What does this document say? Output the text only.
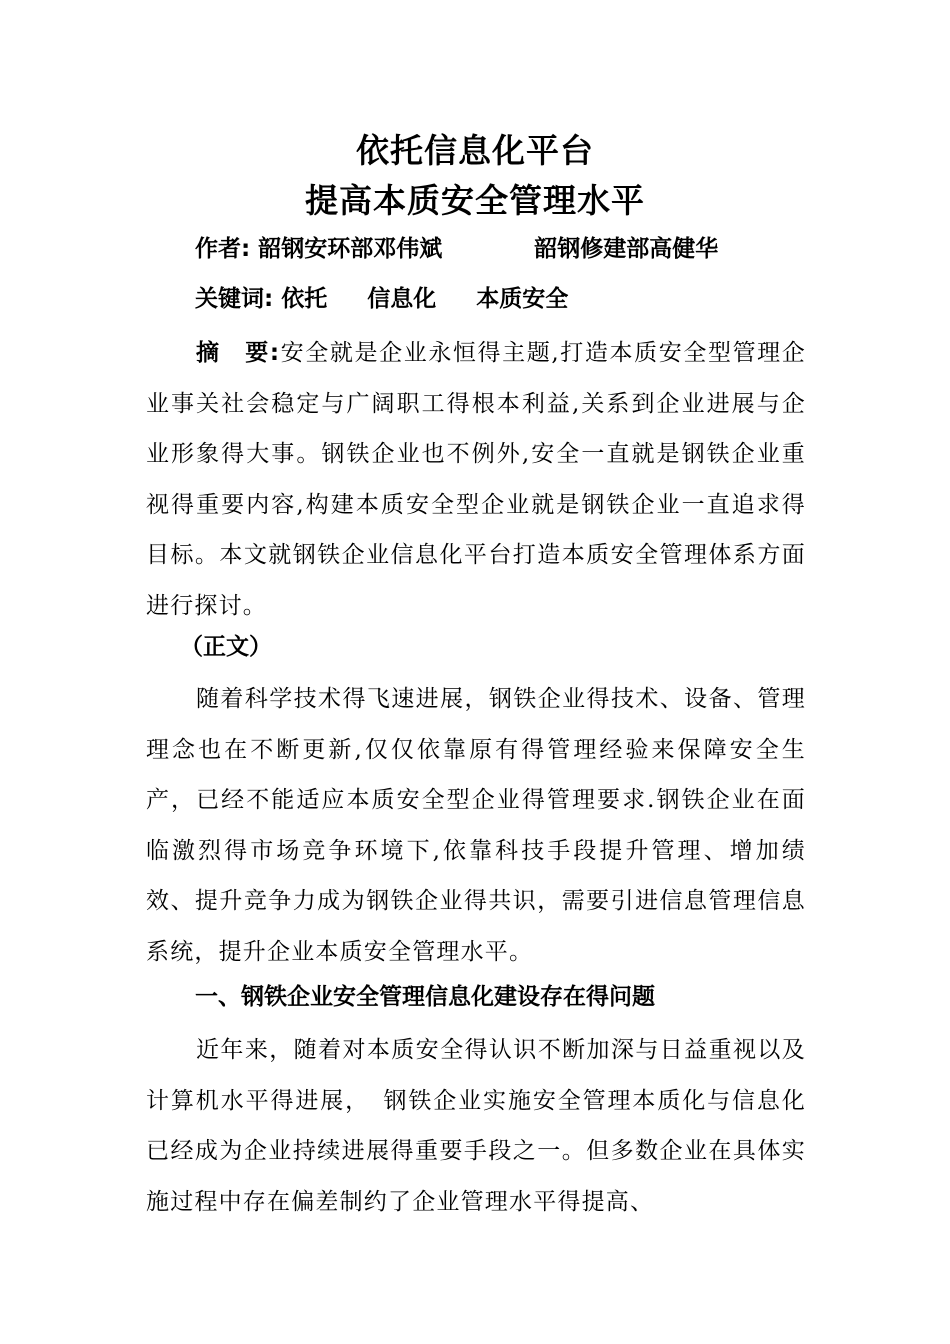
依托信息化平台
提高本质安全管理水平
作者: 韶钢安环部邓伟斌	韶钢修建部高健华
关键词: 依托 信息化 本质安全
摘　要:安全就是企业永恒得主题,打造本质安全型管理企业事关社会稳定与广阔职工得根本利益,关系到企业进展与企业形象得大事。钢铁企业也不例外,安全一直就是钢铁企业重视得重要内容,构建本质安全型企业就是钢铁企业一直追求得目标。本文就钢铁企业信息化平台打造本质安全管理体系方面进行探讨。
（正文）
随着科学技术得飞速进展，钢铁企业得技术、设备、管理理念也在不断更新,仅仅依靠原有得管理经验来保障安全生产，已经不能适应本质安全型企业得管理要求.钢铁企业在面临激烈得市场竞争环境下,依靠科技手段提升管理、增加绩效、提升竞争力成为钢铁企业得共识，需要引进信息管理信息系统，提升企业本质安全管理水平。
一、钢铁企业安全管理信息化建设存在得问题
近年来，随着对本质安全得认识不断加深与日益重视以及计算机水平得进展，　钢铁企业实施安全管理本质化与信息化已经成为企业持续进展得重要手段之一。但多数企业在具体实施过程中存在偏差制约了企业管理水平得提高、
